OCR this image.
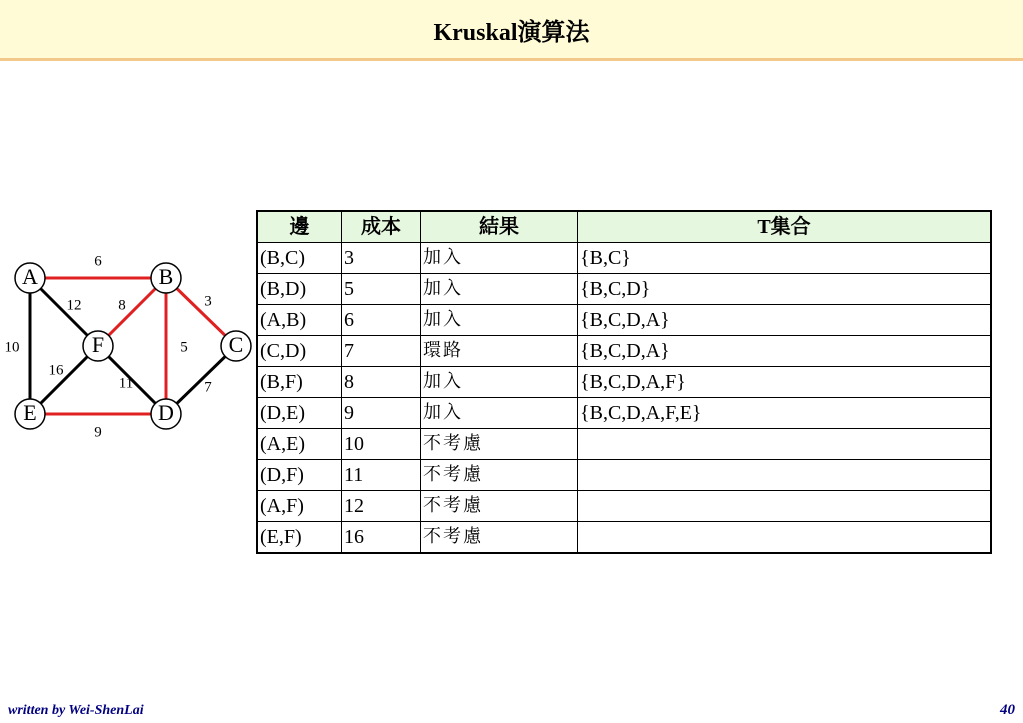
Kruskal演算法
A	B
C
D
E
F
6
12
10
8	3
5
7
16
11
9
邊	成本	結果	T集合
(B,C)	3	加入	{B,C}
(B,D)	5	加入	{B,C,D}
(A,B)	6	加入	{B,C,D,A}
(C,D)	7	環路	{B,C,D,A}
(B,F)	8	加入	{B,C,D,A,F}
(D,E)	9	加入	{B,C,D,A,F,E}
(A,E)	10	不考慮	
(D,F)	11	不考慮	
(A,F)	12	不考慮	
(E,F)	16	不考慮	
written by Wei-ShenLai	40
